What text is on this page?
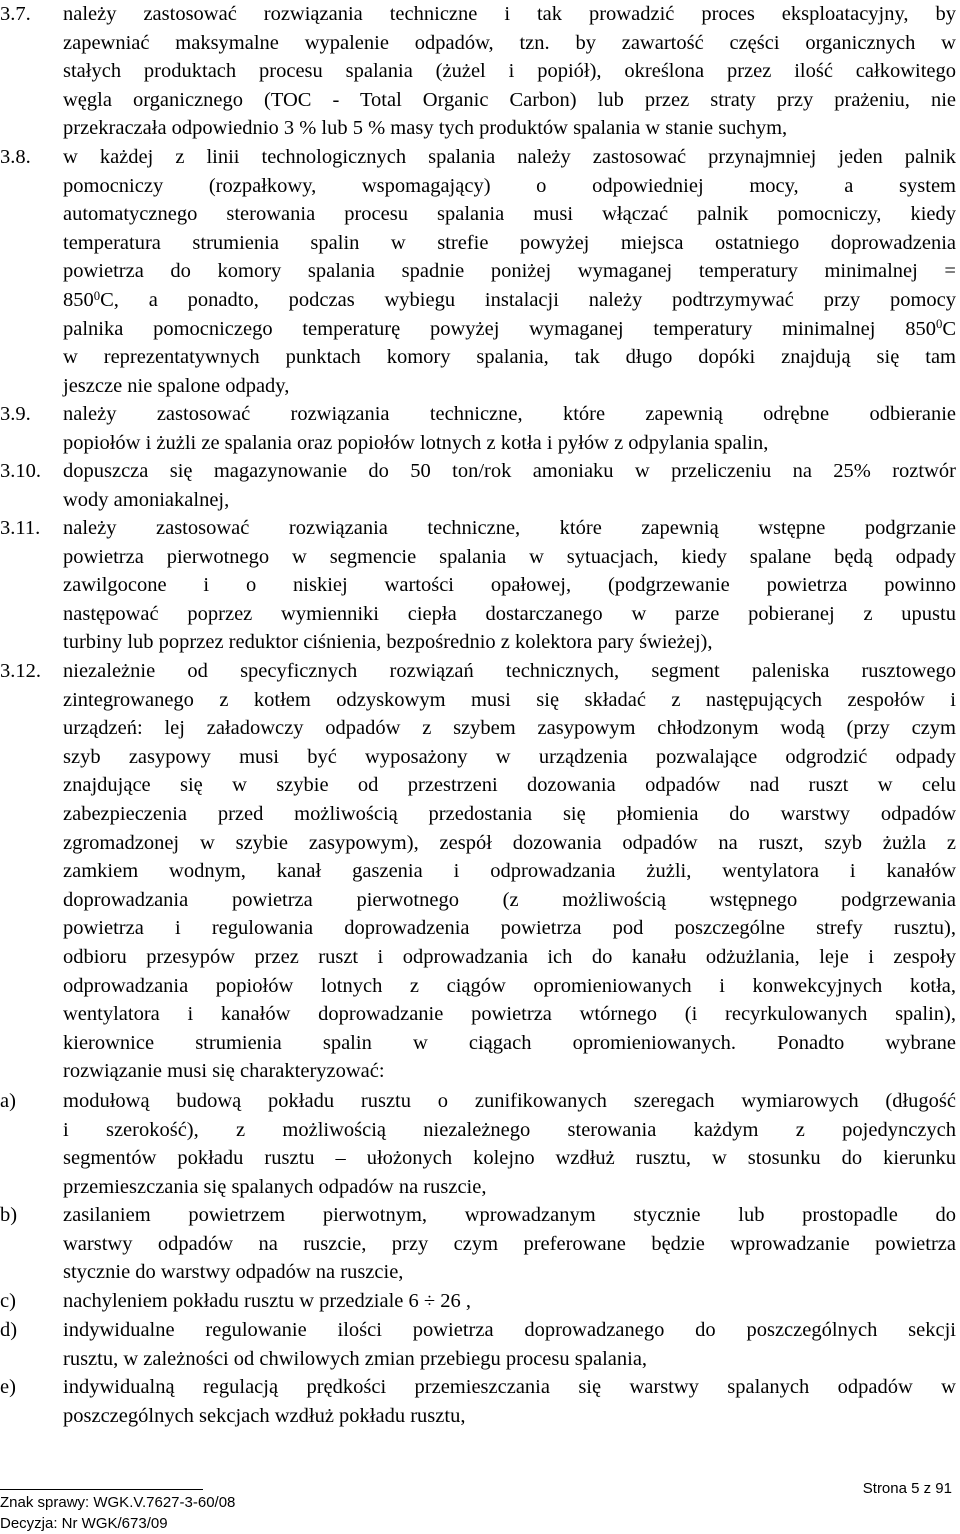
3.7. należy zastosować rozwiązania techniczne i tak prowadzić proces eksploatacyjny, by
zapewniać maksymalne wypalenie odpadów, tzn. by zawartość części organicznych w
stałych produktach procesu spalania (żużel i popiół), określona przez ilość całkowitego
węgla organicznego (TOC - Total Organic Carbon) lub przez straty przy prażeniu, nie
przekraczała odpowiednio 3 % lub 5 % masy tych produktów spalania w stanie suchym,
3.8. w każdej z linii technologicznych spalania należy zastosować przynajmniej jeden palnik
pomocniczy (rozpałkowy, wspomagający) o odpowiedniej mocy, a system
automatycznego sterowania procesu spalania musi włączać palnik pomocniczy, kiedy
temperatura strumienia spalin w strefie powyżej miejsca ostatniego doprowadzenia
powietrza do komory spalania spadnie poniżej wymaganej temperatury minimalnej =
$850^0C$, a ponadto, podczas wybiegu instalacji należy podtrzymywać przy pomocy
palnika pomocniczego temperaturę powyżej wymaganej temperatury minimalnej $850^0C$
w reprezentatywnych punktach komory spalania, tak długo dopóki znajdują się tam
jeszcze nie spalone odpady,
3.9. należy zastosować rozwiązania techniczne, które zapewnią odrębne odbieranie
popiołów i żużli ze spalania oraz popiołów lotnych z kotła i pyłów z odpylania spalin,
3.10. dopuszcza się magazynowanie do 50 ton/rok amoniaku w przeliczeniu na 25% roztwór
wody amoniakalnej,
3.11. należy zastosować rozwiązania techniczne, które zapewnią wstępne podgrzanie
powietrza pierwotnego w segmencie spalania w sytuacjach, kiedy spalane będą odpady
zawilgocone i o niskiej wartości opałowej, (podgrzewanie powietrza powinno
następować poprzez wymienniki ciepła dostarczanego w parze pobieranej z upustu
turbiny lub poprzez reduktor ciśnienia, bezpośrednio z kolektora pary świeżej),
3.12. niezależnie od specyficznych rozwiązań technicznych, segment paleniska rusztowego
zintegrowanego z kotłem odzyskowym musi się składać z następujących zespołów i
urządzeń: lej załadowczy odpadów z szybem zasypowym chłodzonym wodą (przy czym
szyb zasypowy musi być wyposażony w urządzenia pozwalające odgrodzić odpady
znajdujące się w szybie od przestrzeni dozowania odpadów nad ruszt w celu
zabezpieczenia przed możliwością przedostania się płomienia do warstwy odpadów
zgromadzonej w szybie zasypowym), zespół dozowania odpadów na ruszt, szyb żużla z
zamkiem wodnym, kanał gaszenia i odprowadzania żużli, wentylatora i kanałów
doprowadzania powietrza pierwotnego (z możliwością wstępnego podgrzewania
powietrza i regulowania doprowadzenia powietrza pod poszczególne strefy rusztu),
odbioru przesypów przez ruszt i odprowadzania ich do kanału odżużlania, leje i zespoły
odprowadzania popiołów lotnych z ciągów opromieniowanych i konwekcyjnych kotła,
wentylatora i kanałów doprowadzanie powietrza wtórnego (i recyrkulowanych spalin),
kierownice strumienia spalin w ciągach opromieniowanych. Ponadto wybrane
rozwiązanie musi się charakteryzować:
a) modułową budową pokładu rusztu o zunifikowanych szeregach wymiarowych (długość
i szerokość), z możliwością niezależnego sterowania każdym z pojedynczych
segmentów pokładu rusztu – ułożonych kolejno wzdłuż rusztu, w stosunku do kierunku
przemieszczania się spalanych odpadów na ruszcie,
b) zasilaniem powietrzem pierwotnym, wprowadzanym stycznie lub prostopadle do
warstwy odpadów na ruszcie, przy czym preferowane będzie wprowadzanie powietrza
stycznie do warstwy odpadów na ruszcie,
c) nachyleniem pokładu rusztu w przedziale 6 ÷ 26 ,
d) indywidualne regulowanie ilości powietrza doprowadzanego do poszczególnych sekcji
rusztu, w zależności od chwilowych zmian przebiegu procesu spalania,
e) indywidualną regulacją prędkości przemieszczania się warstwy spalanych odpadów w
poszczególnych sekcjach wzdłuż pokładu rusztu,
Znak sprawy: WGK.V.7627-3-60/08
Decyzja: Nr WGK/673/09
Strona 5 z 91
